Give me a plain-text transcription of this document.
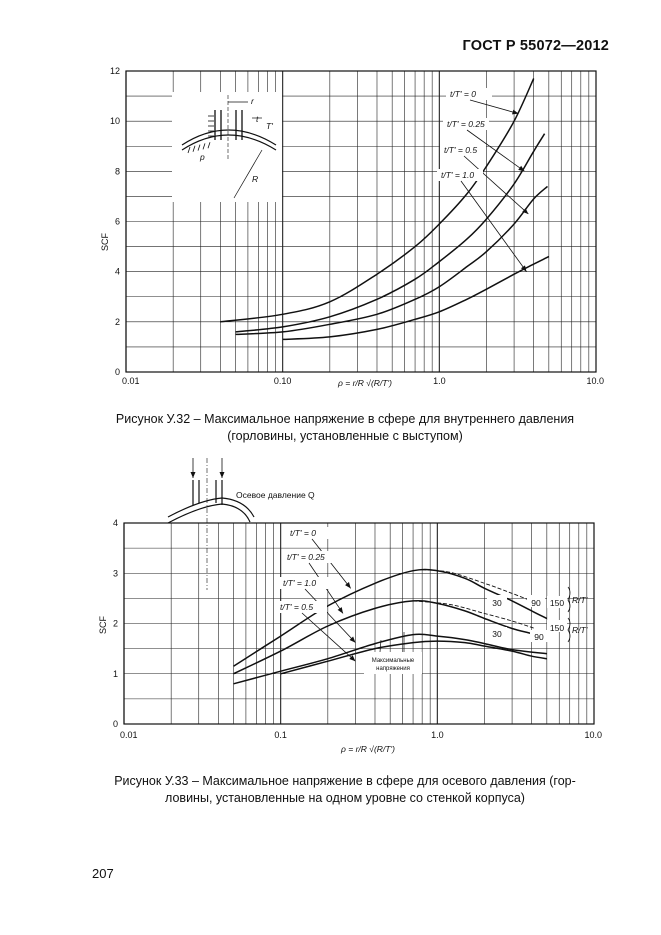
ГОСТ Р 55072—2012
0
2
4
6
8
10
12
0.01	0.10	1.0	10.0
SCF
ρ = r/R √(R/T')
0
1
2
3
4
0.01	0.1	1.0	10.0
SCF
ρ = r/R √(R/T')
t/T' = 0
t/T' = 0.25
t/T' = 0.5
t/T' = 1.0
r
t
T'
p
R
t/T' = 0
t/T' = 0.25
t/T' = 1.0
t/T' = 0.5	30	90 150 R/T'
30	90
150 R/T'
Максимальные
напряжения
Осевое давление Q
Рисунок У.32 – Максимальное напряжение в сфере для внутреннего давления
(горловины, установленные с выступом)
Рисунок У.33 – Максимальное напряжение в сфере для осевого давления (гор-
ловины, установленные на одном уровне со стенкой корпуса)
207
